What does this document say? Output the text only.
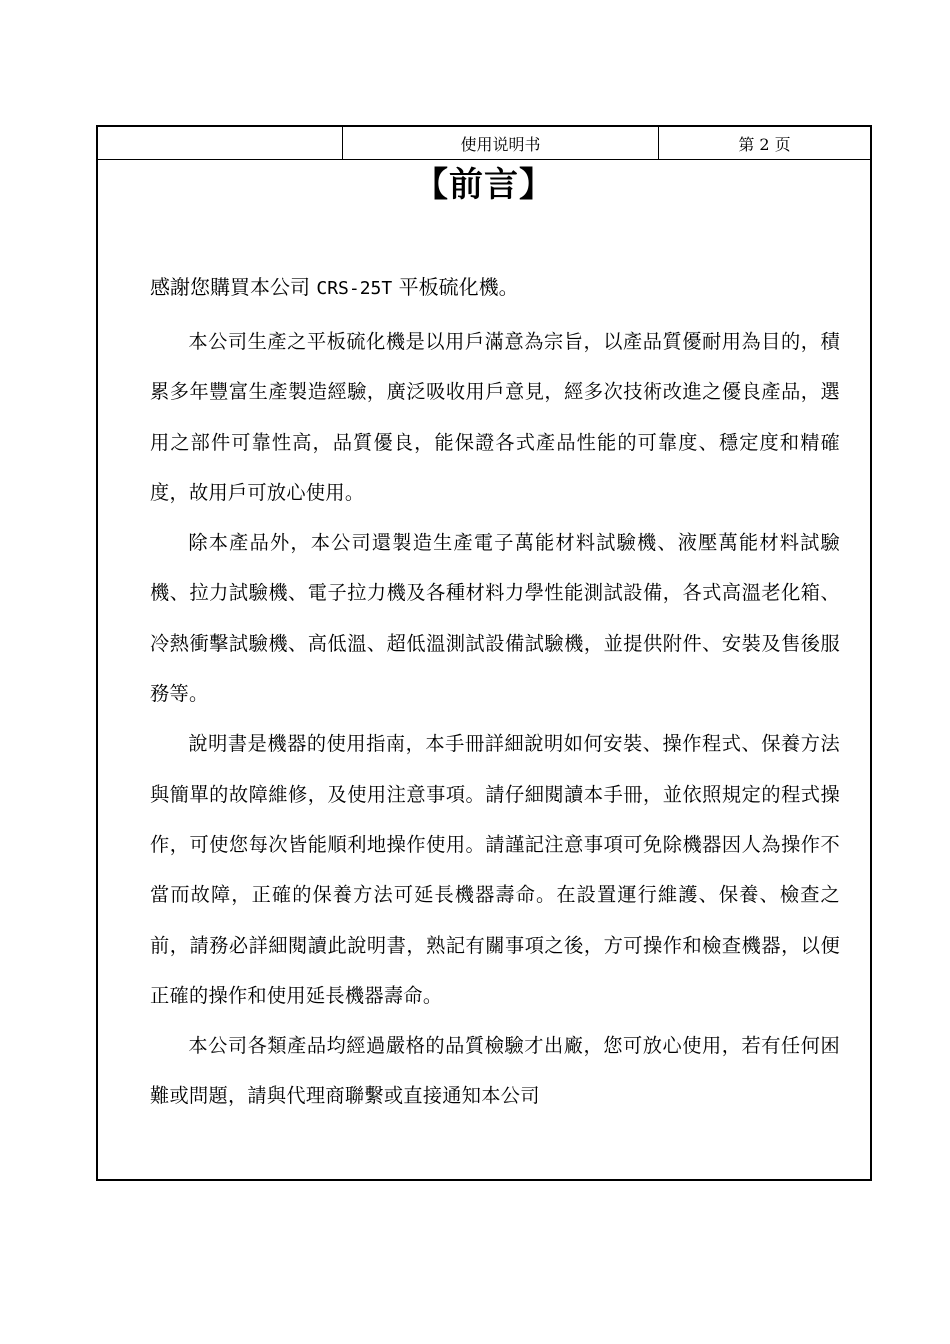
使用说明书	第 2 页
【前言】

感謝您購買本公司 CRS-25T 平板硫化機。

本公司生產之平板硫化機是以用戶滿意為宗旨，以產品質優耐用為目的，積累多年豐富生產製造經驗，廣泛吸收用戶意見，經多次技術改進之優良產品，選用之部件可靠性高，品質優良，能保證各式產品性能的可靠度、穩定度和精確度，故用戶可放心使用。

除本產品外，本公司還製造生產電子萬能材料試驗機、液壓萬能材料試驗機、拉力試驗機、電子拉力機及各種材料力學性能測試設備，各式高溫老化箱、冷熱衝擊試驗機、高低溫、超低溫測試設備試驗機，並提供附件、安裝及售後服務等。

說明書是機器的使用指南，本手冊詳細說明如何安裝、操作程式、保養方法與簡單的故障維修，及使用注意事項。請仔細閱讀本手冊，並依照規定的程式操作，可使您每次皆能順利地操作使用。請謹記注意事項可免除機器因人為操作不當而故障，正確的保養方法可延長機器壽命。在設置運行維護、保養、檢查之前，請務必詳細閱讀此說明書，熟記有關事項之後，方可操作和檢查機器，以便正確的操作和使用延長機器壽命。

本公司各類產品均經過嚴格的品質檢驗才出廠，您可放心使用，若有任何困難或問題，請與代理商聯繫或直接通知本公司
